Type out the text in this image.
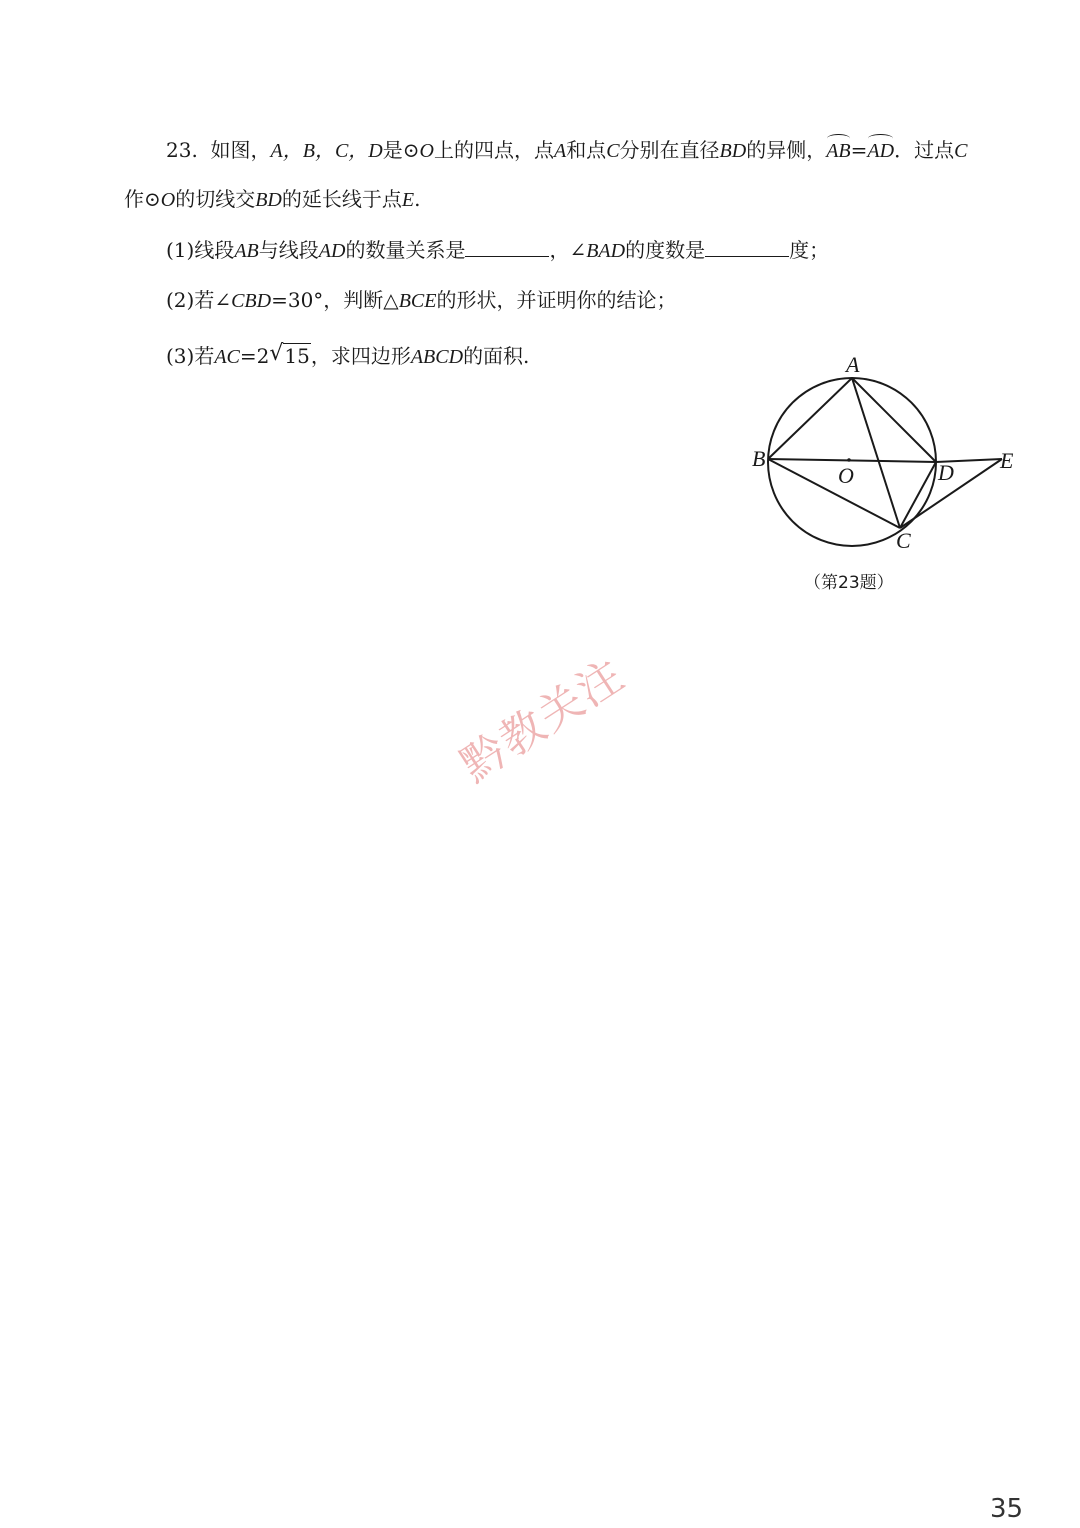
23.  如图，A，B，C，D是⊙O上的四点，点A和点C分别在直径BD的异侧，AB=AD．过点C
作⊙O的切线交BD的延长线于点E.
(1)线段AB与线段AD的数量关系是	，∠BAD的度数是	度；
(2)若∠CBD=30°，判断△BCE的形状，并证明你的结论；
(3)若AC=2√ 15，求四边形ABCD的面积.	A
B
O	D E
C
（第23题）
黔教关注
35
